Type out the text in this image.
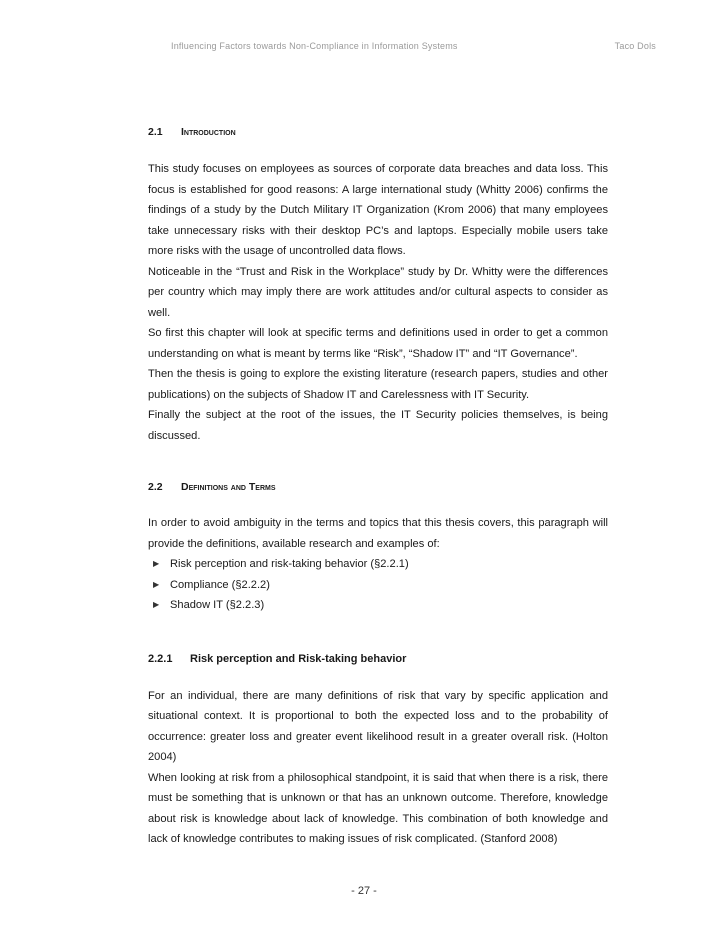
Influencing Factors towards Non-Compliance in Information Systems	Taco Dols
2.1 Introduction

This study focuses on employees as sources of corporate data breaches and data loss. This focus is established for good reasons: A large international study (Whitty 2006) confirms the findings of a study by the Dutch Military IT Organization (Krom 2006) that many employees take unnecessary risks with their desktop PC’s and laptops. Especially mobile users take more risks with the usage of uncontrolled data flows.

Noticeable in the “Trust and Risk in the Workplace” study by Dr. Whitty were the differences per country which may imply there are work attitudes and/or cultural aspects to consider as well.

So first this chapter will look at specific terms and definitions used in order to get a common understanding on what is meant by terms like “Risk”, “Shadow IT” and “IT Governance”.

Then the thesis is going to explore the existing literature (research papers, studies and other publications) on the subjects of Shadow IT and Carelessness with IT Security.

Finally the subject at the root of the issues, the IT Security policies themselves, is being discussed.

2.2 Definitions and Terms

In order to avoid ambiguity in the terms and topics that this thesis covers, this paragraph will provide the definitions, available research and examples of:

▶ Risk perception and risk-taking behavior (§2.2.1)
▶ Compliance (§2.2.2)
▶ Shadow IT (§2.2.3)
2.2.1 Risk perception and Risk-taking behavior

For an individual, there are many definitions of risk that vary by specific application and situational context. It is proportional to both the expected loss and to the probability of occurrence: greater loss and greater event likelihood result in a greater overall risk. (Holton 2004)

When looking at risk from a philosophical standpoint, it is said that when there is a risk, there must be something that is unknown or that has an unknown outcome. Therefore, knowledge about risk is knowledge about lack of knowledge. This combination of both knowledge and lack of knowledge contributes to making issues of risk complicated. (Stanford 2008)

- 27 -
